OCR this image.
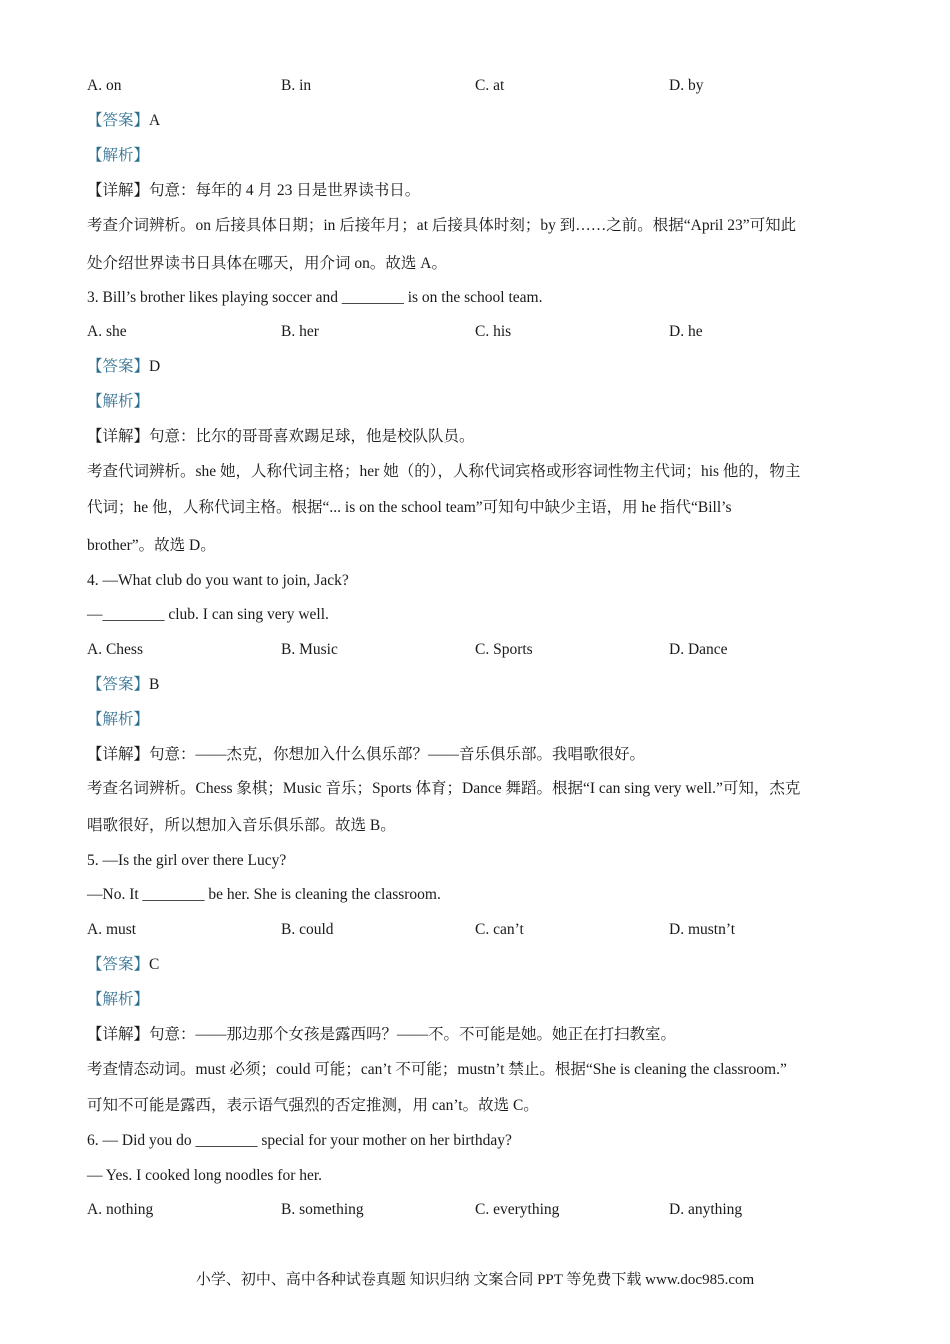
A. on	B. in	C. at	D. by
【答案】A
【解析】
【详解】句意：每年的 4 月 23 日是世界读书日。
考查介词辨析。on 后接具体日期；in 后接年月；at 后接具体时刻；by 到……之前。根据“April 23”可知此
处介绍世界读书日具体在哪天，用介词 on。故选 A。
3. Bill’s brother likes playing soccer and ________ is on the school team.
A. she	B. her	C. his	D. he
【答案】D
【解析】
【详解】句意：比尔的哥哥喜欢踢足球，他是校队队员。
考查代词辨析。she 她，人称代词主格；her 她（的），人称代词宾格或形容词性物主代词；his 他的，物主
代词；he 他，人称代词主格。根据“... is on the school team”可知句中缺少主语，用 he 指代“Bill’s
brother”。故选 D。
4. —What club do you want to join, Jack?
—________ club. I can sing very well.
A. Chess	B. Music	C. Sports	D. Dance
【答案】B
【解析】
【详解】句意：——杰克，你想加入什么俱乐部？——音乐俱乐部。我唱歌很好。
考查名词辨析。Chess 象棋；Music 音乐；Sports 体育；Dance 舞蹈。根据“I can sing very well.”可知，杰克
唱歌很好，所以想加入音乐俱乐部。故选 B。
5. —Is the girl over there Lucy?
—No. It ________ be her. She is cleaning the classroom.
A. must	B. could	C. can’t	D. mustn’t
【答案】C
【解析】
【详解】句意：——那边那个女孩是露西吗？——不。不可能是她。她正在打扫教室。
考查情态动词。must 必须；could 可能；can’t 不可能；mustn’t 禁止。根据“She is cleaning the classroom.”
可知不可能是露西，表示语气强烈的否定推测，用 can’t。故选 C。
6. — Did you do ________ special for your mother on her birthday?
— Yes. I cooked long noodles for her.
A. nothing	B. something	C. everything	D. anything
小学、初中、高中各种试卷真题 知识归纳 文案合同 PPT 等免费下载 www.doc985.com
